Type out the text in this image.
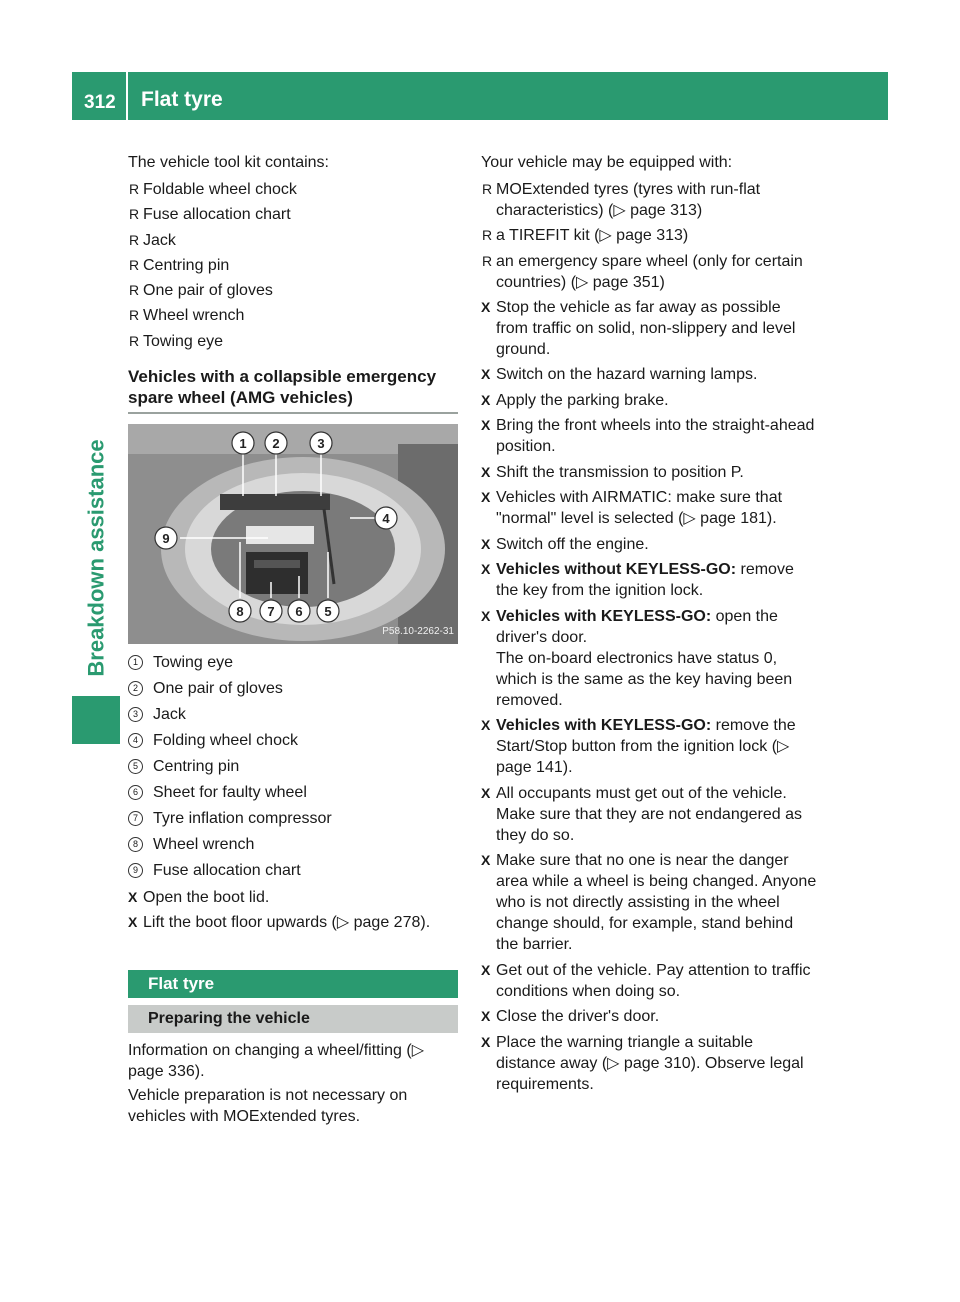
312 Flat tyre
Breakdown assistance

The vehicle tool kit contains:

R Foldable wheel chock
R Fuse allocation chart
R Jack
R Centring pin
R One pair of gloves
R Wheel wrench
R Towing eye
Vehicles with a collapsible emergency spare wheel (AMG vehicles)
1 2	3
4
5
6
7
8
9
P58.10-2262-31
1 Towing eye
2 One pair of gloves
3 Jack
4 Folding wheel chock
5 Centring pin
6 Sheet for faulty wheel
7 Tyre inflation compressor
8 Wheel wrench
9 Fuse allocation chart
X Open the boot lid.
X Lift the boot floor upwards (▷ page 278).
Flat tyre
Preparing the vehicle

Information on changing a wheel/fitting (▷ page 336).

Vehicle preparation is not necessary on vehicles with MOExtended tyres.

Your vehicle may be equipped with:

R MOExtended tyres (tyres with run-flat characteristics) (▷ page 313)
R a TIREFIT kit (▷ page 313)
R an emergency spare wheel (only for certain countries) (▷ page 351)
X Stop the vehicle as far away as possible from traffic on solid, non-slippery and level ground.
X Switch on the hazard warning lamps.
X Apply the parking brake.
X Bring the front wheels into the straight-ahead position.
X Shift the transmission to position P.
X Vehicles with AIRMATIC: make sure that "normal" level is selected (▷ page 181).
X Switch off the engine.
X Vehicles without KEYLESS-GO: remove the key from the ignition lock.
X Vehicles with KEYLESS-GO: open the driver's door.
The on-board electronics have status 0, which is the same as the key having been removed.
X Vehicles with KEYLESS-GO: remove the Start/Stop button from the ignition lock (▷ page 141).
X All occupants must get out of the vehicle. Make sure that they are not endangered as they do so.
X Make sure that no one is near the danger area while a wheel is being changed. Anyone who is not directly assisting in the wheel change should, for example, stand behind the barrier.
X Get out of the vehicle. Pay attention to traffic conditions when doing so.
X Close the driver's door.
X Place the warning triangle a suitable distance away (▷ page 310). Observe legal requirements.
